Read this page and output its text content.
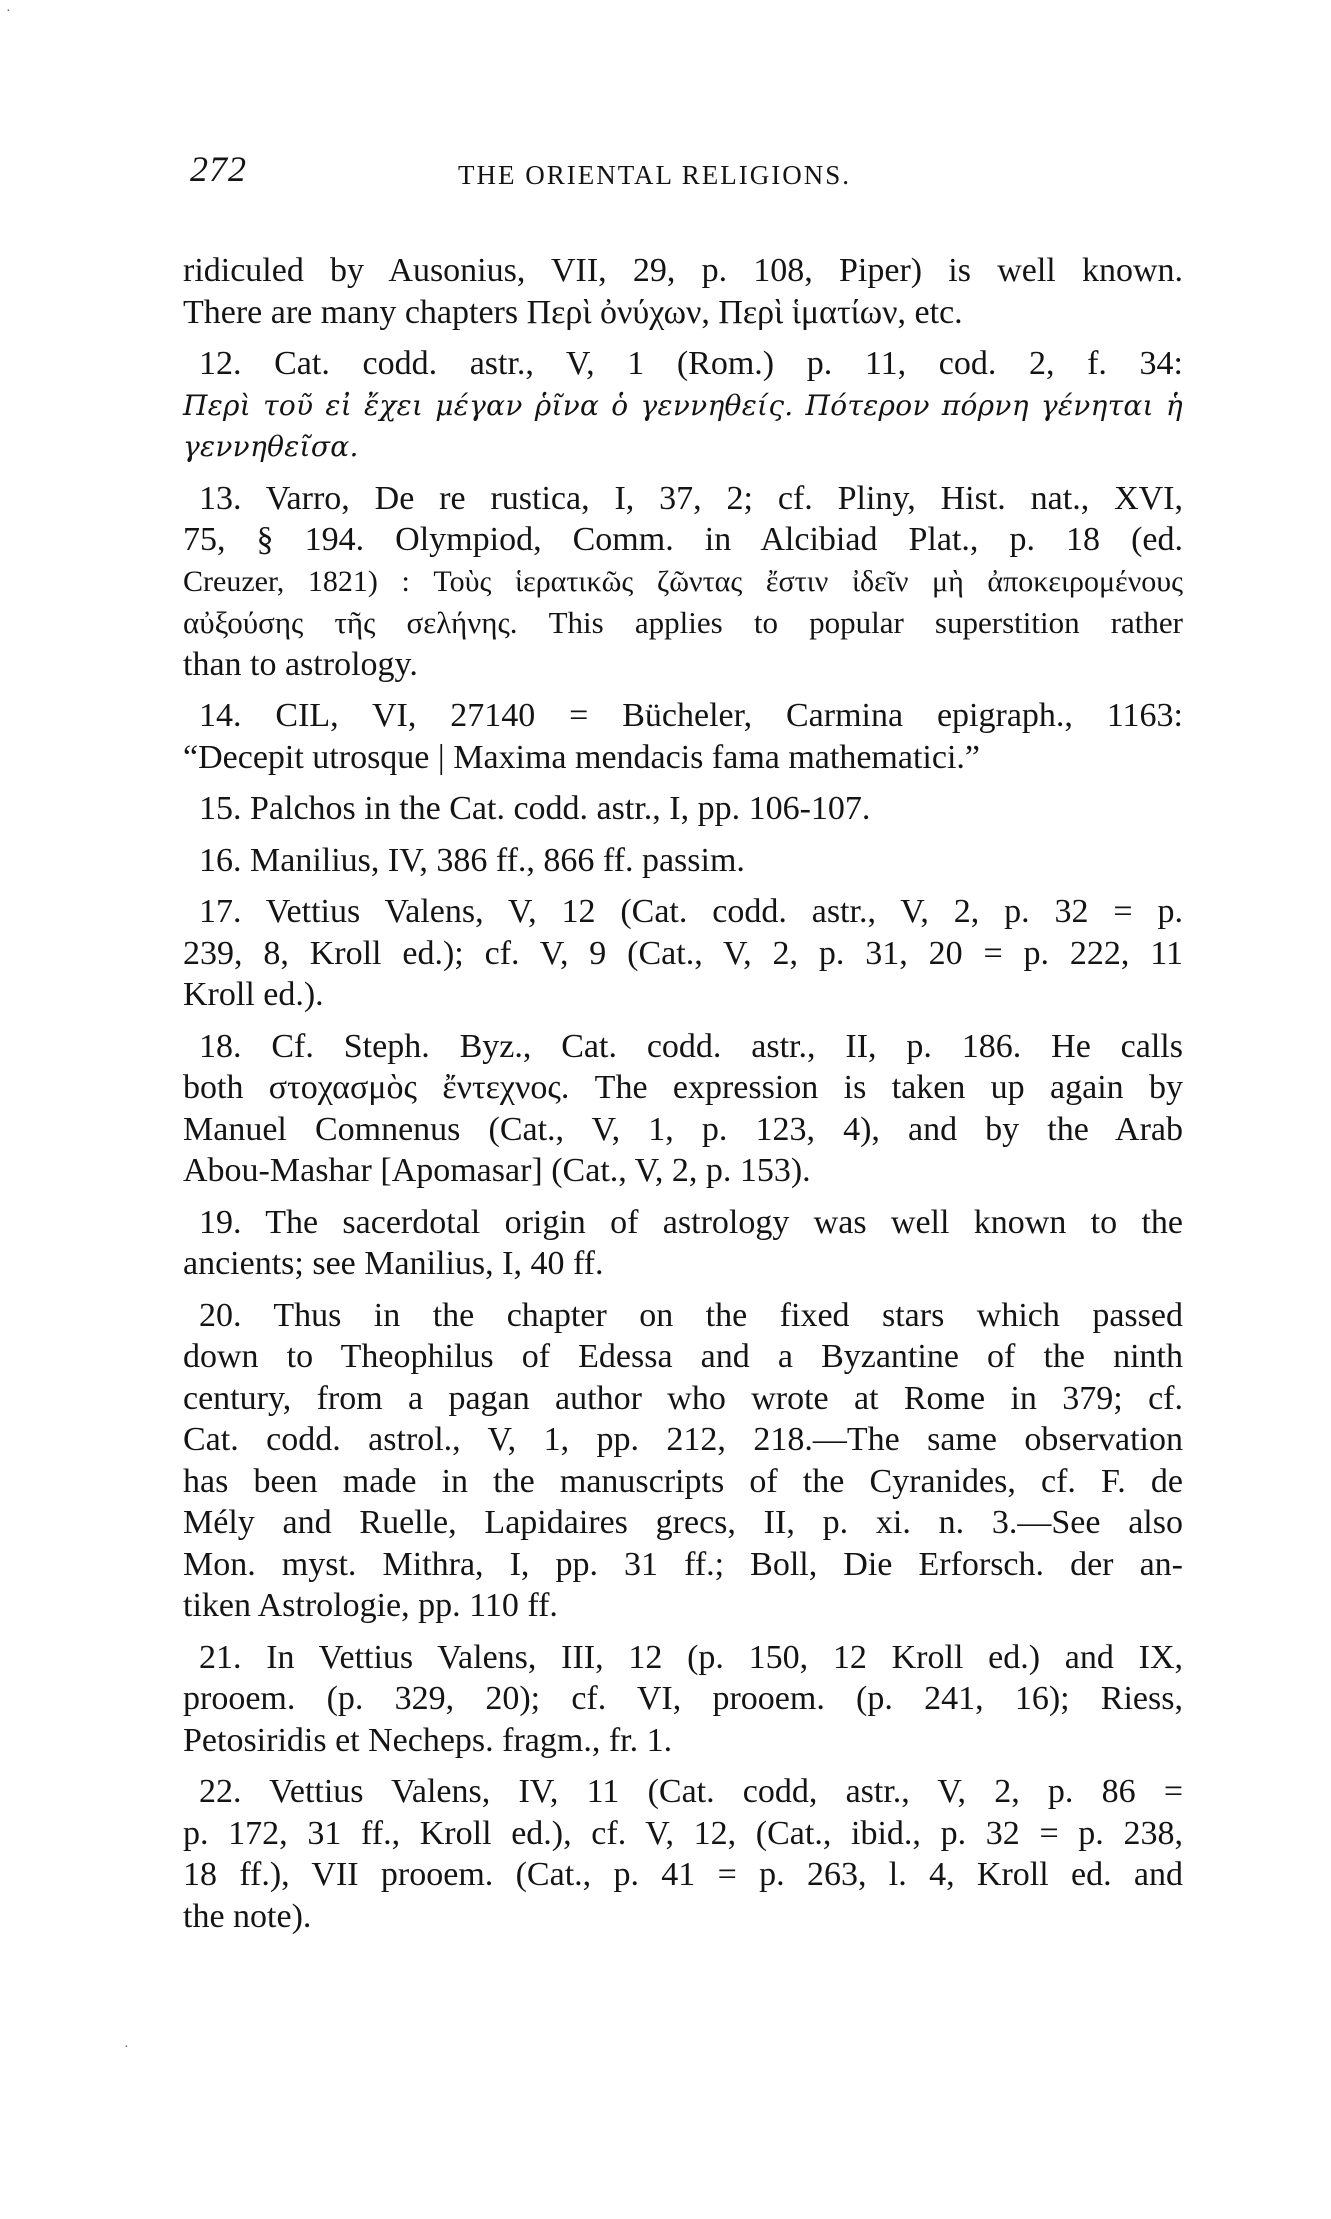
272	THE ORIENTAL RELIGIONS.
ridiculed by Ausonius, VII, 29, p. 108, Piper) is well known.
There are many chapters Περὶ ὀνύχων, Περὶ ἱματίων, etc.
12. Cat. codd. astr., V, 1 (Rom.) p. 11, cod. 2, f. 34:
Περὶ τοῦ εἰ ἔχει μέγαν ῥῖνα ὁ γεννηθείς. Πότερον πόρνη γένηται ἡ
γεννηθεῖσα.
13. Varro, De re rustica, I, 37, 2; cf. Pliny, Hist. nat., XVI,
75, § 194. Olympiod, Comm. in Alcibiad Plat., p. 18 (ed.
Creuzer, 1821) : Τοὺς ἱερατικῶς ζῶντας ἔστιν ἰδεῖν μὴ ἀποκειρομένους
αὐξούσης τῆς σελήνης. This applies to popular superstition rather
than to astrology.
14. CIL, VI, 27140 = Bücheler, Carmina epigraph., 1163:
“Decepit utrosque | Maxima mendacis fama mathematici.”
15. Palchos in the Cat. codd. astr., I, pp. 106-107.
16. Manilius, IV, 386 ff., 866 ff. passim.
17. Vettius Valens, V, 12 (Cat. codd. astr., V, 2, p. 32 = p.
239, 8, Kroll ed.); cf. V, 9 (Cat., V, 2, p. 31, 20 = p. 222, 11
Kroll ed.).
18. Cf. Steph. Byz., Cat. codd. astr., II, p. 186. He calls
both στοχασμὸς ἔντεχνος. The expression is taken up again by
Manuel Comnenus (Cat., V, 1, p. 123, 4), and by the Arab
Abou-Mashar [Apomasar] (Cat., V, 2, p. 153).
19. The sacerdotal origin of astrology was well known to the
ancients; see Manilius, I, 40 ff.
20. Thus in the chapter on the fixed stars which passed
down to Theophilus of Edessa and a Byzantine of the ninth
century, from a pagan author who wrote at Rome in 379; cf.
Cat. codd. astrol., V, 1, pp. 212, 218.—The same observation
has been made in the manuscripts of the Cyranides, cf. F. de
Mély and Ruelle, Lapidaires grecs, II, p. xi. n. 3.—See also
Mon. myst. Mithra, I, pp. 31 ff.; Boll, Die Erforsch. der an-
tiken Astrologie, pp. 110 ff.
21. In Vettius Valens, III, 12 (p. 150, 12 Kroll ed.) and IX,
prooem. (p. 329, 20); cf. VI, prooem. (p. 241, 16); Riess,
Petosiridis et Necheps. fragm., fr. 1.
22. Vettius Valens, IV, 11 (Cat. codd, astr., V, 2, p. 86 =
p. 172, 31 ff., Kroll ed.), cf. V, 12, (Cat., ibid., p. 32 = p. 238,
18 ff.), VII prooem. (Cat., p. 41 = p. 263, l. 4, Kroll ed. and
the note).
·
·
